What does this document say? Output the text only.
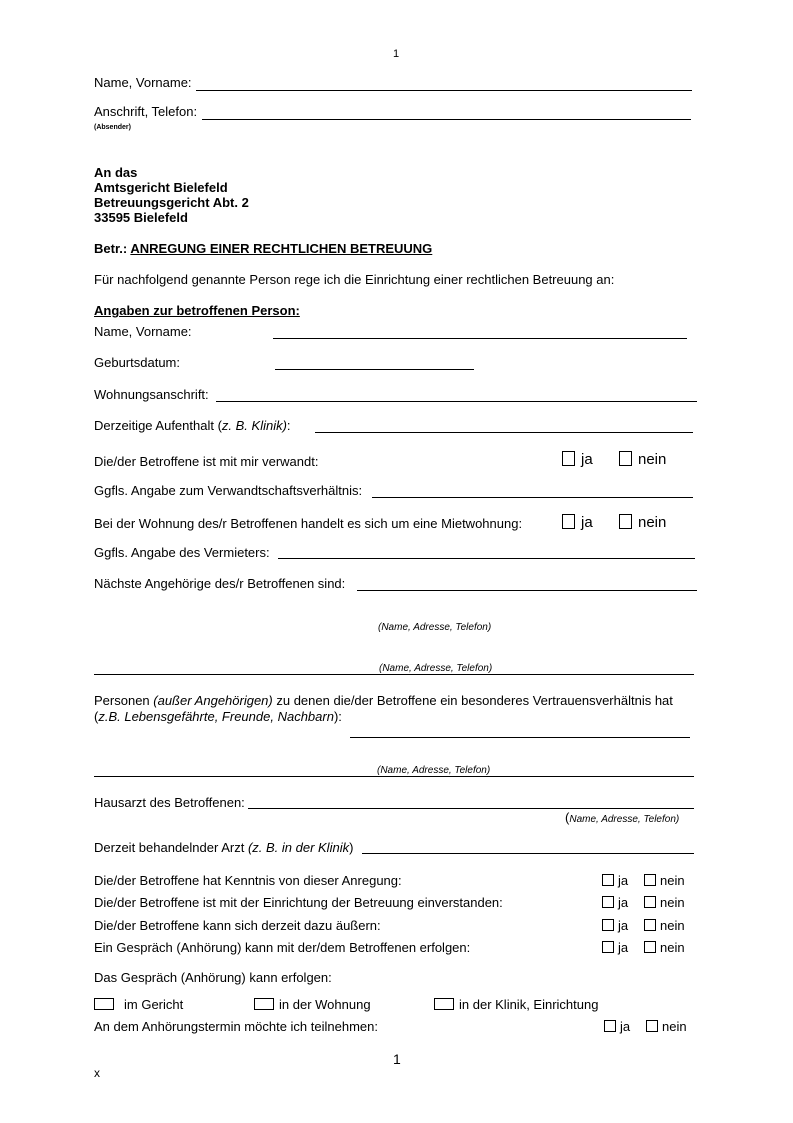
1
Name, Vorname:
Anschrift, Telefon:
(Absender)
An das
Amtsgericht Bielefeld
Betreuungsgericht Abt. 2
33595 Bielefeld
Betr.: ANREGUNG EINER RECHTLICHEN BETREUUNG
Für nachfolgend genannte Person rege ich die Einrichtung einer rechtlichen Betreuung an:
Angaben zur betroffenen Person:
Name, Vorname:
Geburtsdatum:
Wohnungsanschrift:
Derzeitige Aufenthalt (z. B. Klinik):
Die/der Betroffene ist mit mir verwandt:	ja	nein
Ggfls. Angabe zum Verwandtschaftsverhältnis:
Bei der Wohnung des/r Betroffenen handelt es sich um eine Mietwohnung:	ja	nein
Ggfls. Angabe des Vermieters:
Nächste Angehörige des/r Betroffenen sind:
(Name, Adresse, Telefon)
(Name, Adresse, Telefon)
Personen (außer Angehörigen) zu denen die/der Betroffene ein besonderes Vertrauensverhältnis hat
(z.B. Lebensgefährte, Freunde, Nachbarn):
(Name, Adresse, Telefon)
Hausarzt des Betroffenen:
(Name, Adresse, Telefon)
Derzeit behandelnder Arzt (z. B. in der Klinik)
Die/der Betroffene hat Kenntnis von dieser Anregung:	ja	nein
Die/der Betroffene ist mit der Einrichtung der Betreuung einverstanden:	ja	nein
Die/der Betroffene kann sich derzeit dazu äußern:	ja	nein
Ein Gespräch (Anhörung) kann mit der/dem Betroffenen erfolgen:	ja	nein
Das Gespräch (Anhörung) kann erfolgen:
im Gericht	in der Wohnung	in der Klinik, Einrichtung
An dem Anhörungstermin möchte ich teilnehmen:	ja	nein
1
x
